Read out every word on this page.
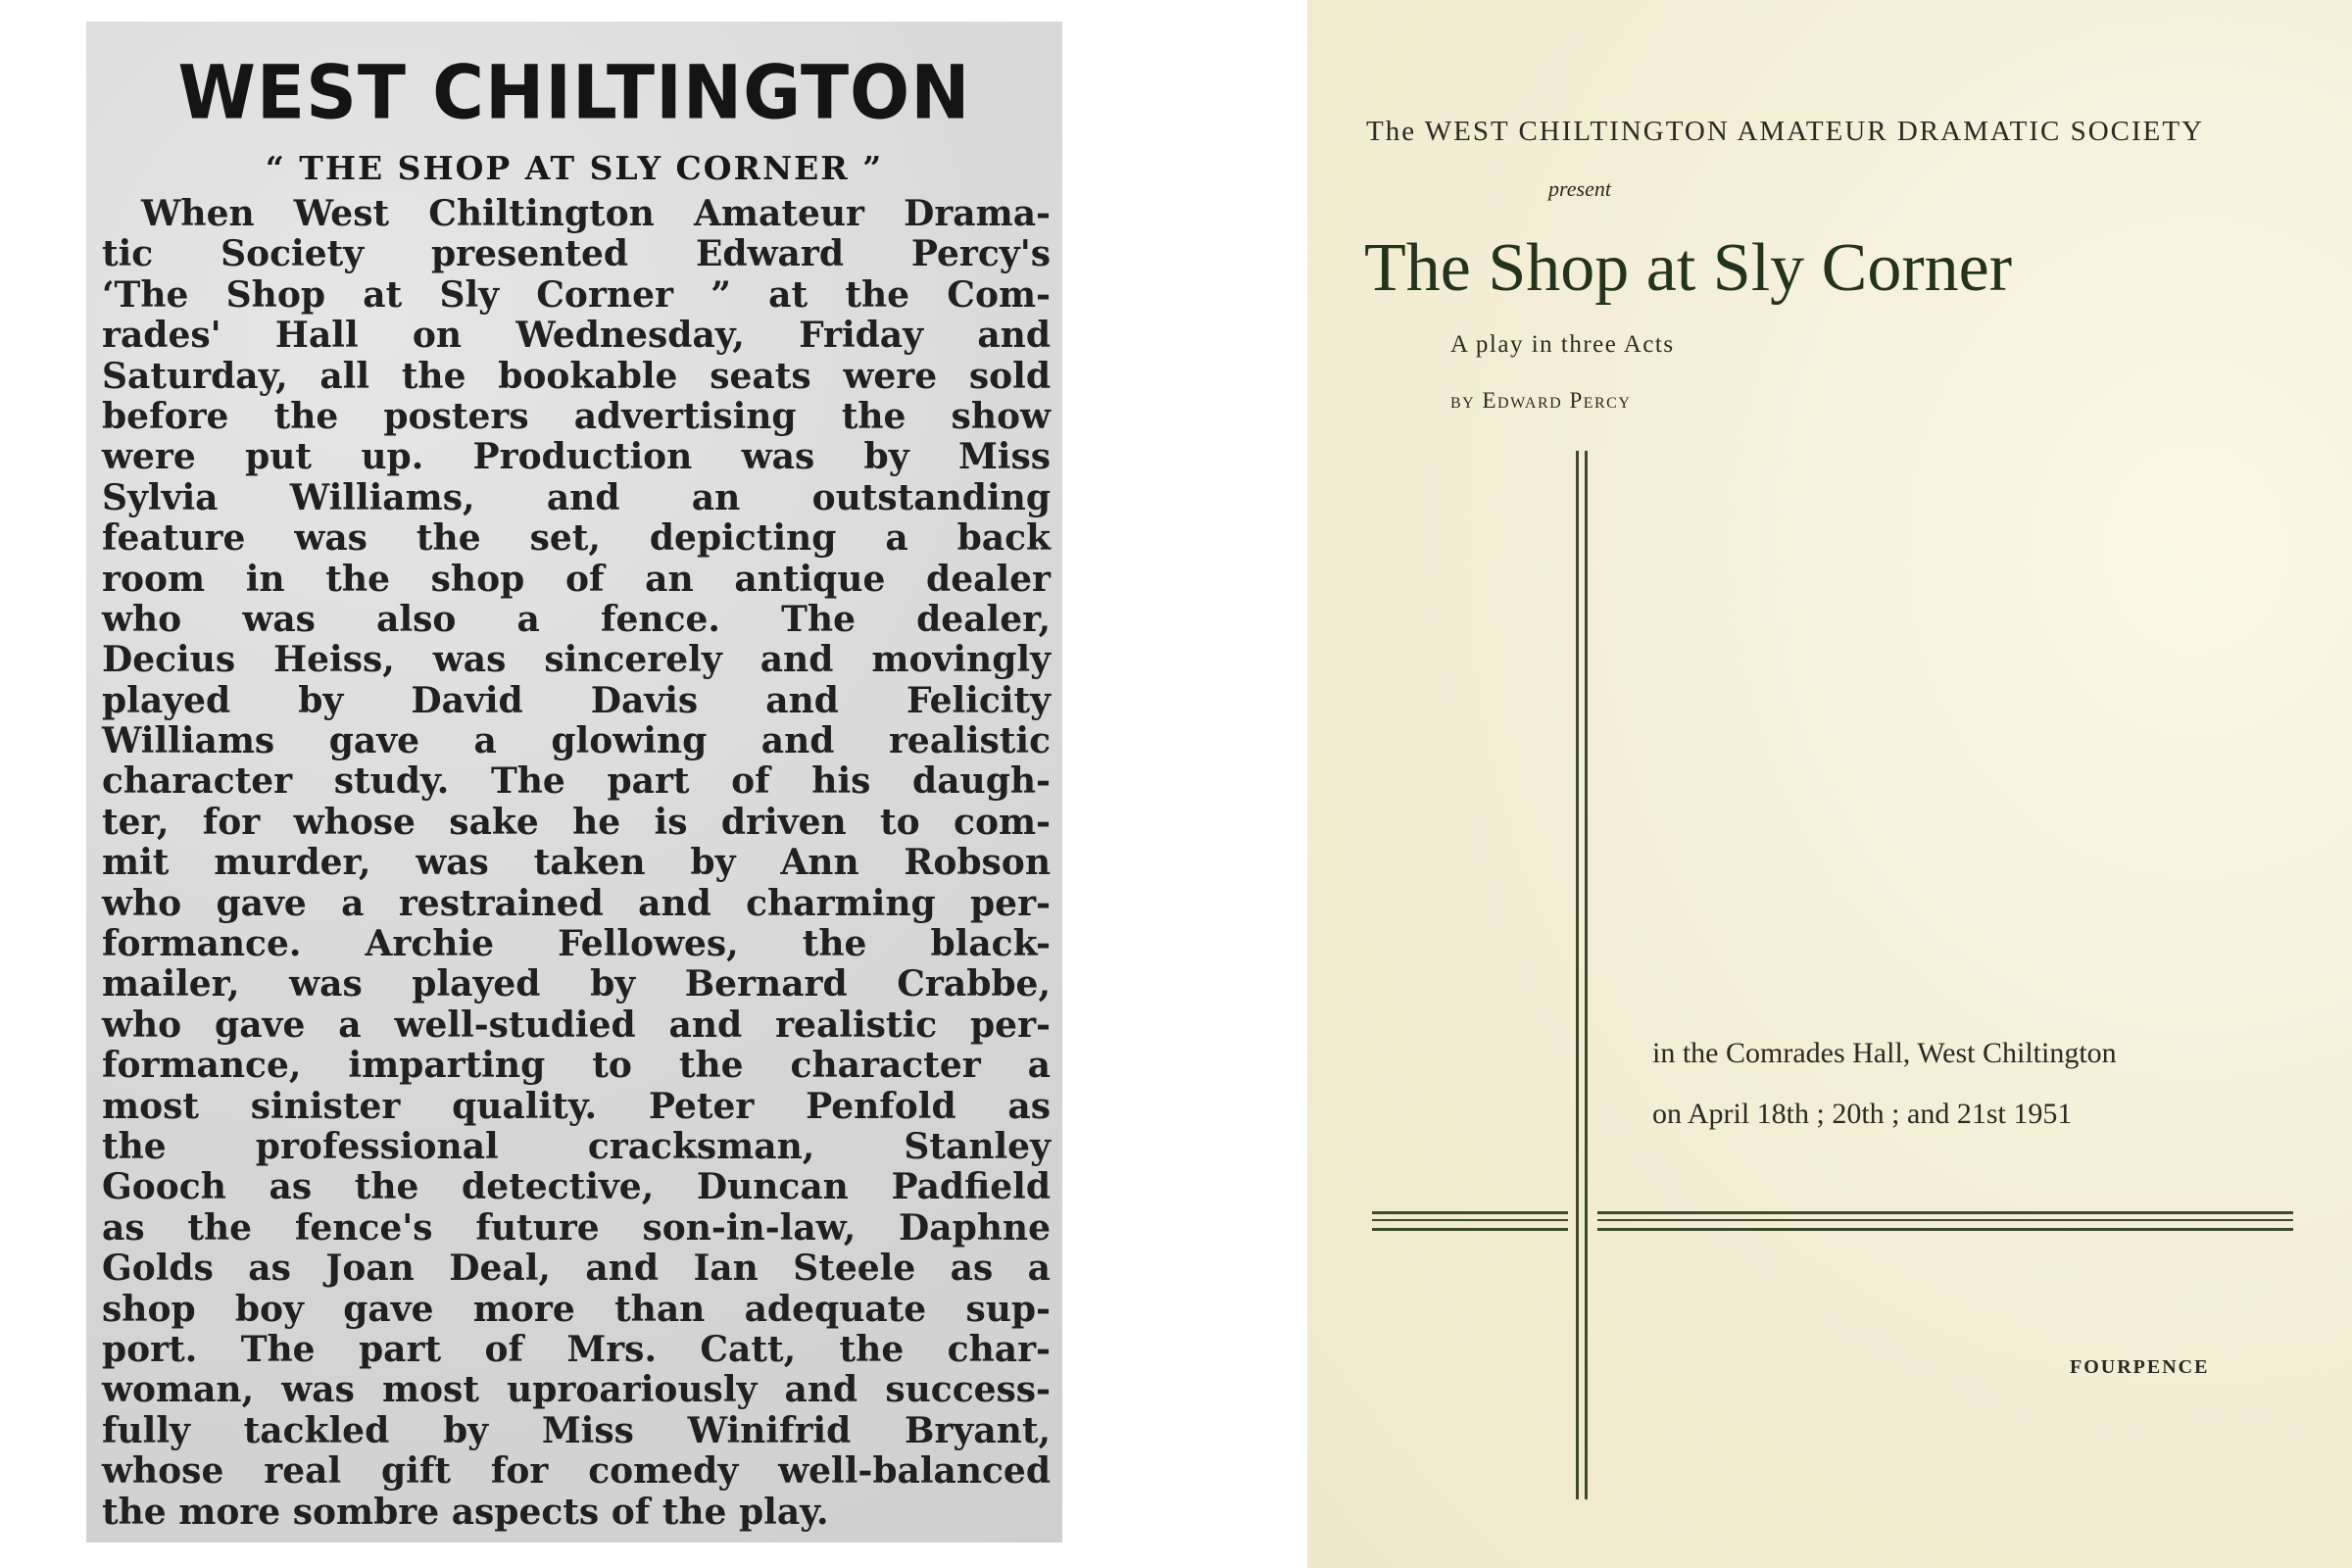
WEST CHILTINGTON
“ THE SHOP AT SLY CORNER ”
When West Chiltington Amateur Drama-
tic Society presented Edward Percy's
‘The Shop at Sly Corner ” at the Com-
rades' Hall on Wednesday, Friday and
Saturday, all the bookable seats were sold
before the posters advertising the show
were put up. Production was by Miss
Sylvia Williams, and an outstanding
feature was the set, depicting a back
room in the shop of an antique dealer
who was also a fence. The dealer,
Decius Heiss, was sincerely and movingly
played by David Davis and Felicity
Williams gave a glowing and realistic
character study. The part of his daugh-
ter, for whose sake he is driven to com-
mit murder, was taken by Ann Robson
who gave a restrained and charming per-
formance. Archie Fellowes, the black-
mailer, was played by Bernard Crabbe,
who gave a well-studied and realistic per-
formance, imparting to the character a
most sinister quality. Peter Penfold as
the professional cracksman, Stanley
Gooch as the detective, Duncan Padfield
as the fence's future son-in-law, Daphne
Golds as Joan Deal, and Ian Steele as a
shop boy gave more than adequate sup-
port. The part of Mrs. Catt, the char-
woman, was most uproariously and success-
fully tackled by Miss Winifrid Bryant,
whose real gift for comedy well-balanced
the more sombre aspects of the play.
The WEST CHILTINGTON AMATEUR DRAMATIC SOCIETY
present
The Shop at Sly Corner
A play in three Acts
by Edward Percy
in the Comrades Hall, West Chiltington
on April 18th ; 20th ; and 21st 1951
FOURPENCE
